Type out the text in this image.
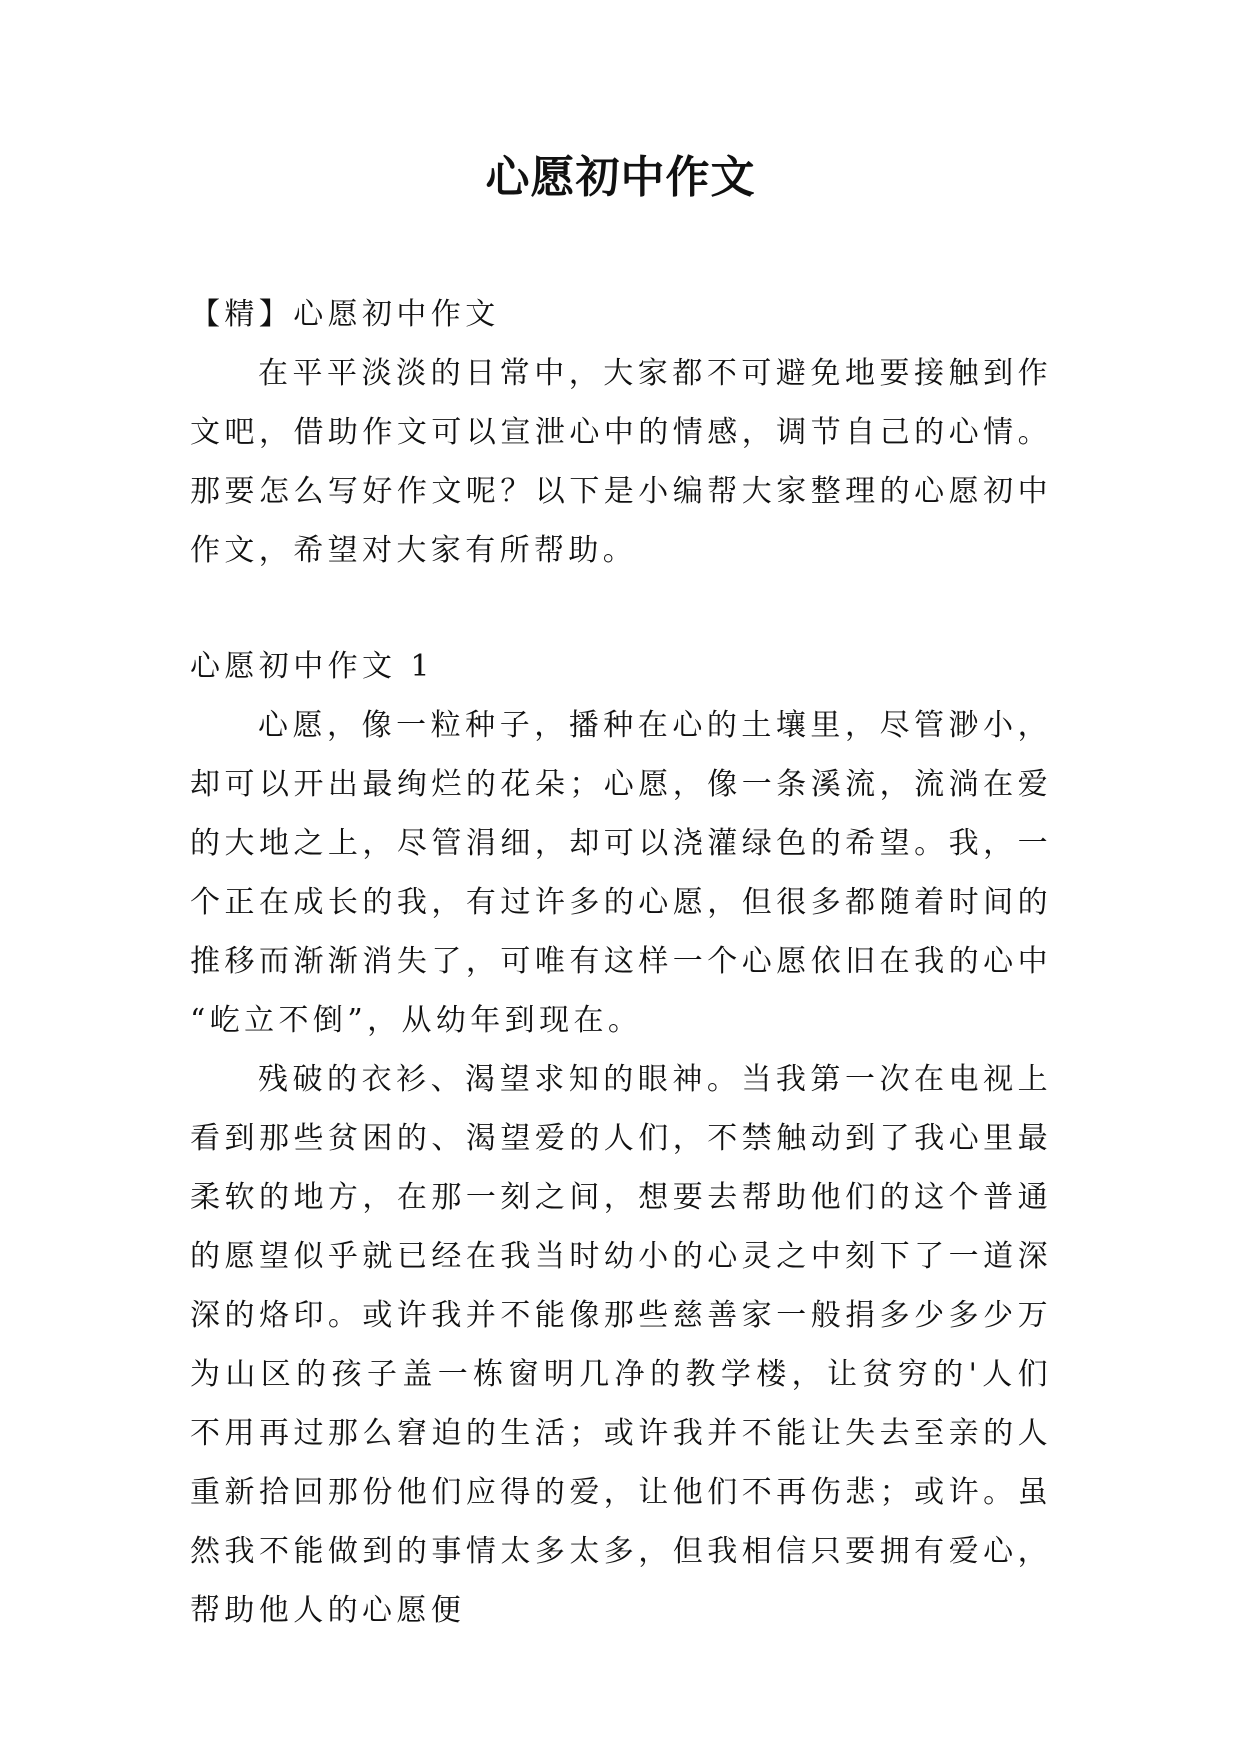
心愿初中作文

【精】心愿初中作文

在平平淡淡的日常中，大家都不可避免地要接触到作文吧，借助作文可以宣泄心中的情感，调节自己的心情。那要怎么写好作文呢？以下是小编帮大家整理的心愿初中作文，希望对大家有所帮助。

心愿初中作文 1

心愿，像一粒种子，播种在心的土壤里，尽管渺小，却可以开出最绚烂的花朵；心愿，像一条溪流，流淌在爱的大地之上，尽管涓细，却可以浇灌绿色的希望。我，一个正在成长的我，有过许多的心愿，但很多都随着时间的推移而渐渐消失了，可唯有这样一个心愿依旧在我的心中“屹立不倒”，从幼年到现在。

残破的衣衫、渴望求知的眼神。当我第一次在电视上看到那些贫困的、渴望爱的人们，不禁触动到了我心里最柔软的地方，在那一刻之间，想要去帮助他们的这个普通的愿望似乎就已经在我当时幼小的心灵之中刻下了一道深深的烙印。或许我并不能像那些慈善家一般捐多少多少万为山区的孩子盖一栋窗明几净的教学楼，让贫穷的'人们不用再过那么窘迫的生活；或许我并不能让失去至亲的人重新拾回那份他们应得的爱，让他们不再伤悲；或许。虽然我不能做到的事情太多太多，但我相信只要拥有爱心，帮助他人的心愿便
